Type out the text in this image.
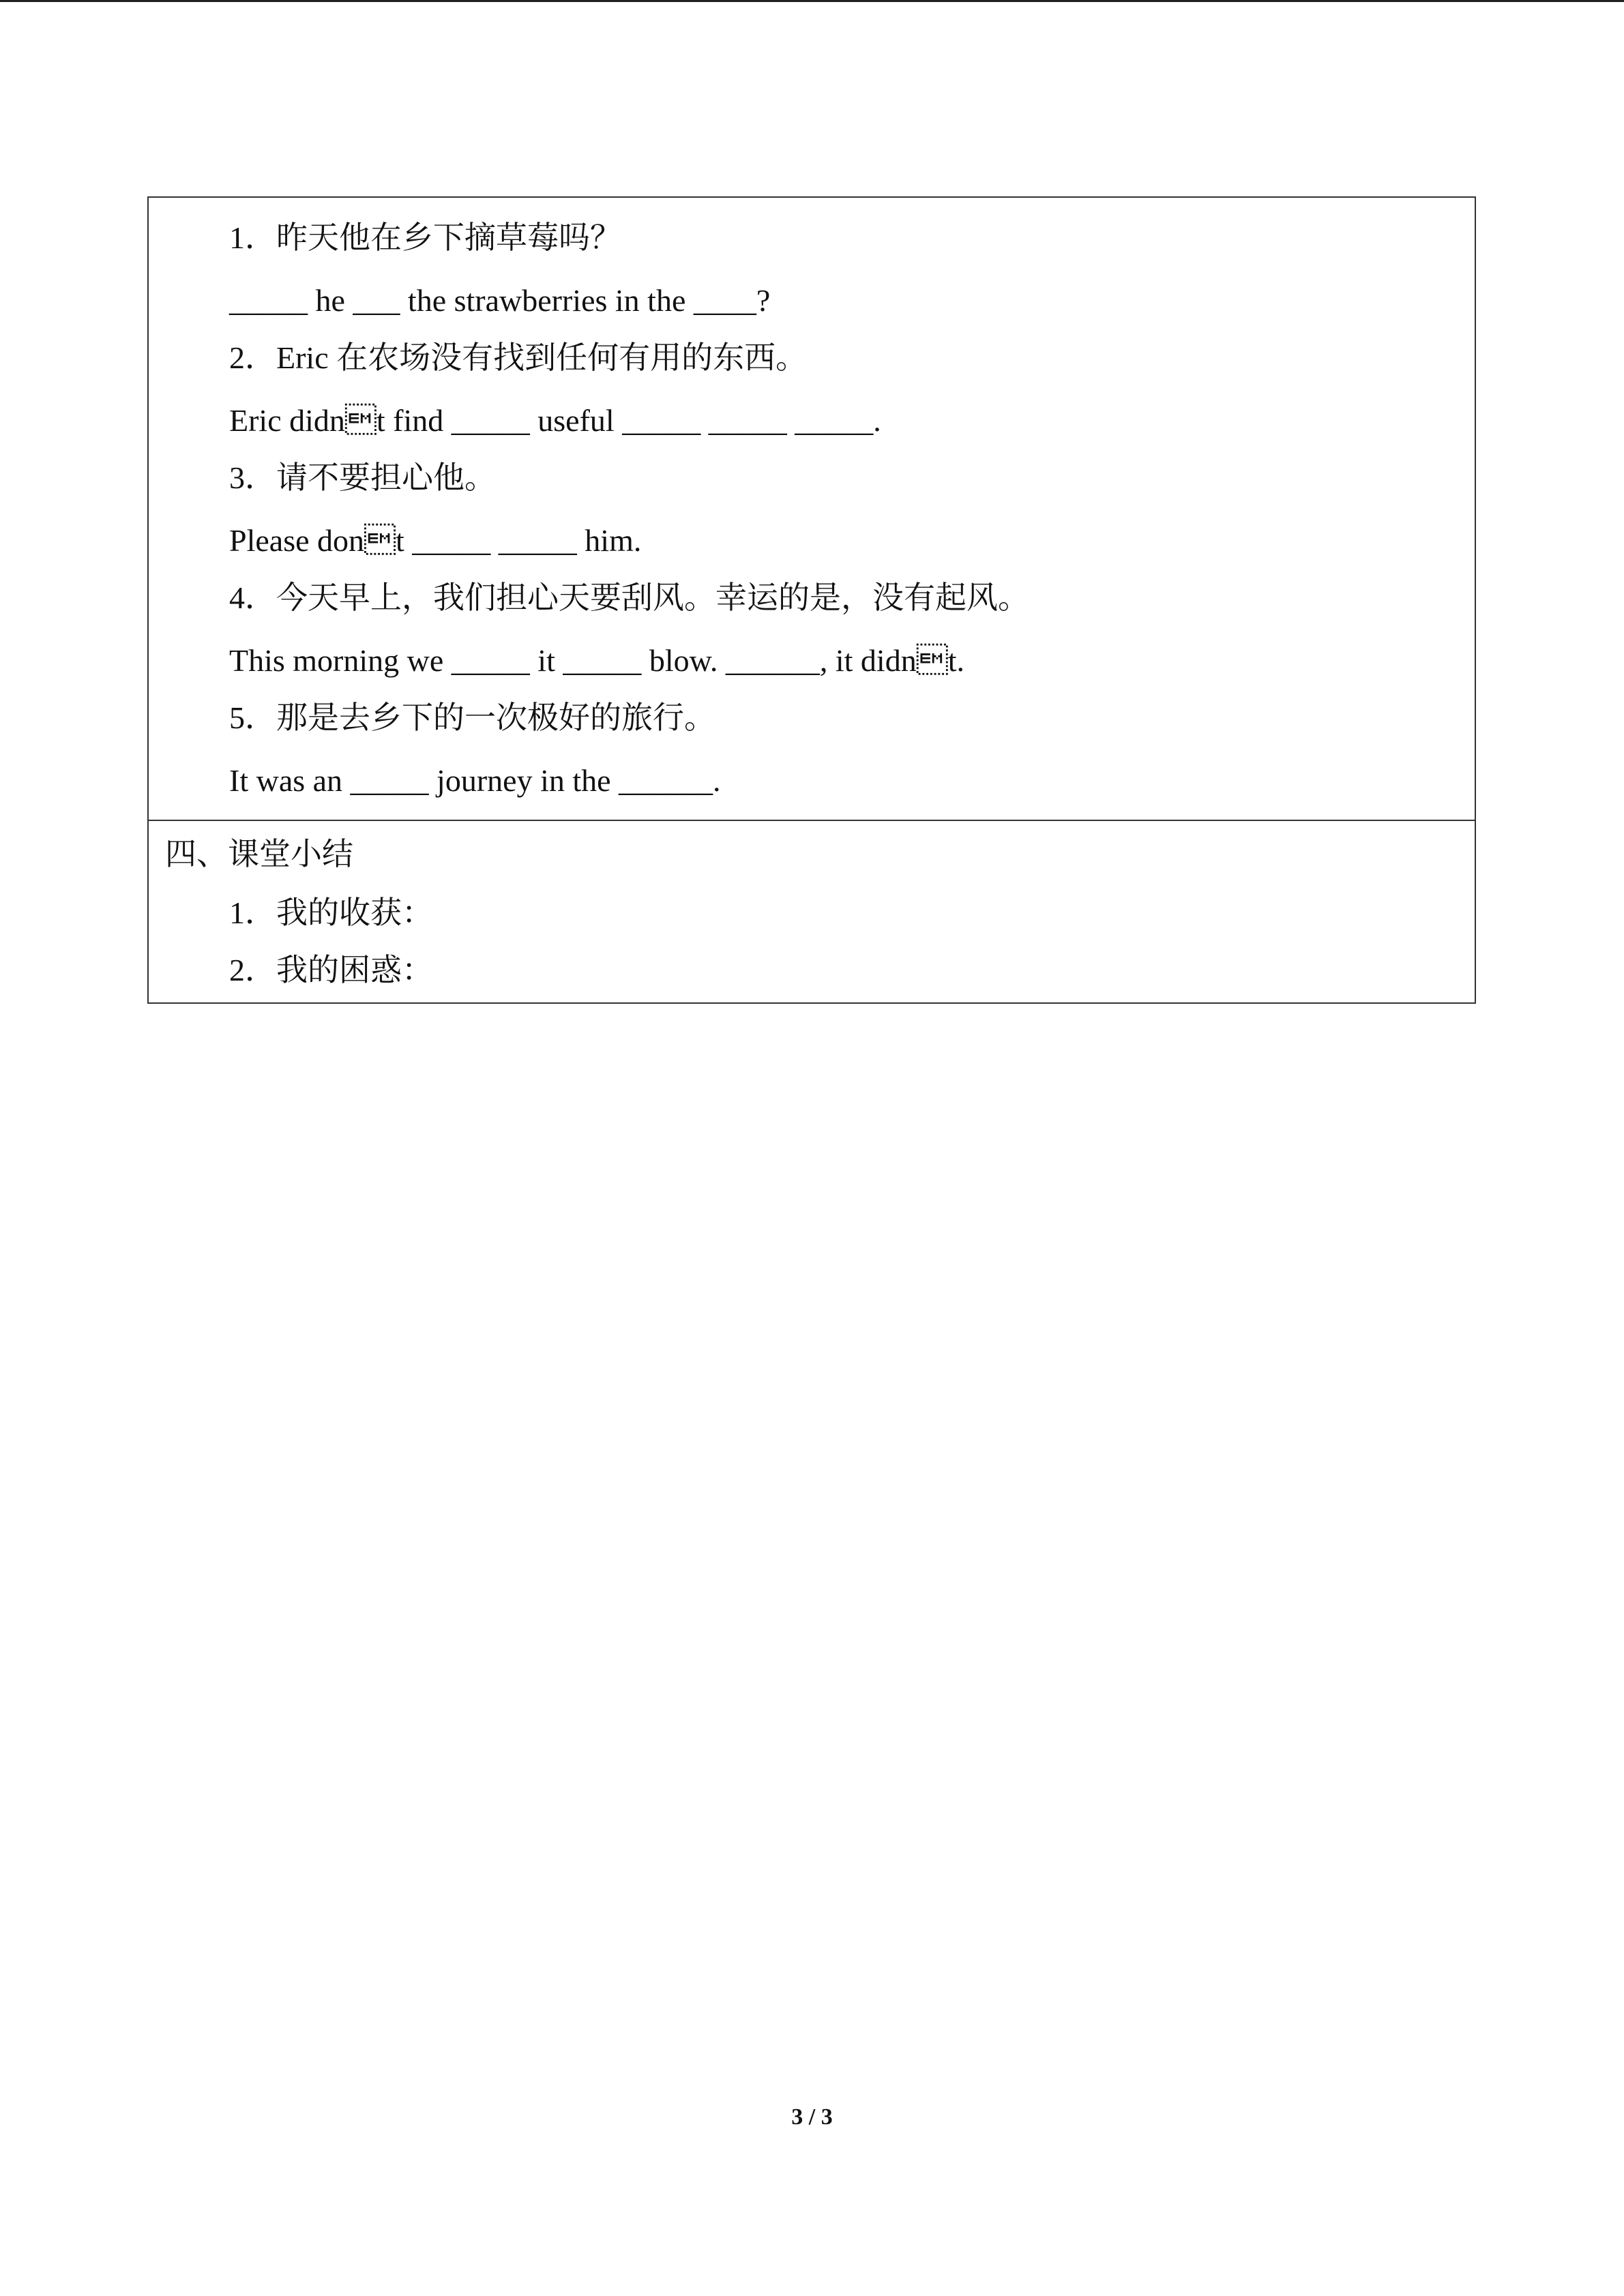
1．昨天他在乡下摘草莓吗？
_____ he ___ the strawberries in the ____?
2．Eric 在农场没有找到任何有用的东西。
Eric didnt find _____ useful _____ _____ _____.
3．请不要担心他。
Please dont _____ _____ him.
4．今天早上，我们担心天要刮风。幸运的是，没有起风。
This morning we _____ it _____ blow. ______, it didnt.
5．那是去乡下的一次极好的旅行。
It was an _____ journey in the ______.
四、课堂小结
1．我的收获：
2．我的困惑：
3 / 3
